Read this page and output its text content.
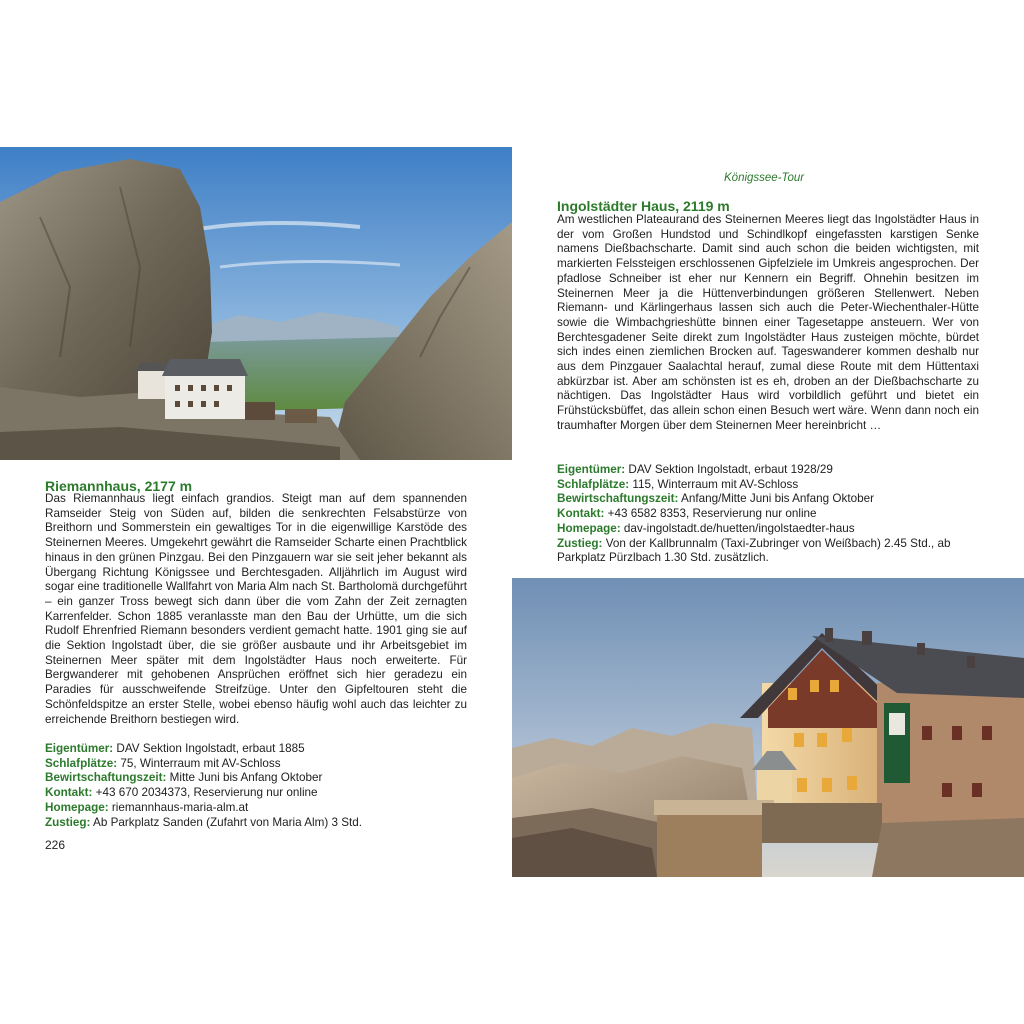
Riemannhaus, 2177 m

Das Riemannhaus liegt einfach grandios. Steigt man auf dem spannenden Ramseider Steig von Süden auf, bilden die senkrechten Felsabstürze von Breithorn und Sommerstein ein gewaltiges Tor in die eigenwillige Karstöde des Steinernen Meeres. Umgekehrt gewährt die Ramseider Scharte einen Prachtblick hinaus in den grünen Pinzgau. Bei den Pinzgauern war sie seit jeher bekannt als Übergang Richtung Königssee und Berchtesgaden. Alljährlich im August wird sogar eine traditionelle Wallfahrt von Maria Alm nach St. Bartholomä durchgeführt – ein ganzer Tross bewegt sich dann über die vom Zahn der Zeit zernagten Karrenfelder. Schon 1885 veranlasste man den Bau der Urhütte, um die sich Rudolf Ehrenfried Riemann besonders verdient gemacht hatte. 1901 ging sie auf die Sektion Ingolstadt über, die sie größer ausbaute und ihr Arbeitsgebiet im Steinernen Meer später mit dem Ingolstädter Haus noch erweiterte. Für Bergwanderer mit gehobenen Ansprüchen eröffnet sich hier geradezu ein Paradies für ausschweifende Streifzüge. Unter den Gipfeltouren steht die Schönfeldspitze an erster Stelle, wobei ebenso häufig wohl auch das leichter zu erreichende Breithorn bestiegen wird.

Eigentümer: DAV Sektion Ingolstadt, erbaut 1885
Schlafplätze: 75, Winterraum mit AV-Schloss
Bewirtschaftungszeit: Mitte Juni bis Anfang Oktober
Kontakt: +43 670 2034373, Reservierung nur online
Homepage: riemannhaus-maria-alm.at
Zustieg: Ab Parkplatz Sanden (Zufahrt von Maria Alm) 3 Std.
226
Königssee-Tour
Ingolstädter Haus, 2119 m

Am westlichen Plateaurand des Steinernen Meeres liegt das Ingolstädter Haus in der vom Großen Hundstod und Schindlkopf eingefassten karstigen Senke namens Dießbachscharte. Damit sind auch schon die beiden wichtigsten, mit markierten Felssteigen erschlossenen Gipfelziele im Umkreis angesprochen. Der pfadlose Schneiber ist eher nur Kennern ein Begriff. Ohnehin besitzen im Steinernen Meer ja die Hüttenverbindungen größeren Stellenwert. Neben Riemann- und Kärlingerhaus lassen sich auch die Peter-Wiechenthaler-Hütte sowie die Wimbachgrieshütte binnen einer Tagesetappe ansteuern. Wer von Berchtesgadener Seite direkt zum Ingolstädter Haus zusteigen möchte, bürdet sich indes einen ziemlichen Brocken auf. Tageswanderer kommen deshalb nur aus dem Pinzgauer Saalachtal herauf, zumal diese Route mit dem Hüttentaxi abkürzbar ist. Aber am schönsten ist es eh, droben an der Dießbachscharte zu nächtigen. Das Ingolstädter Haus wird vorbildlich geführt und bietet ein Frühstücksbüffet, das allein schon einen Besuch wert wäre. Wenn dann noch ein traumhafter Morgen über dem Steinernen Meer hereinbricht …

Eigentümer: DAV Sektion Ingolstadt, erbaut 1928/29
Schlafplätze: 115, Winterraum mit AV-Schloss
Bewirtschaftungszeit: Anfang/Mitte Juni bis Anfang Oktober
Kontakt: +43 6582 8353, Reservierung nur online
Homepage: dav-ingolstadt.de/huetten/ingolstaedter-haus
Zustieg: Von der Kallbrunnalm (Taxi-Zubringer von Weißbach) 2.45 Std., ab Parkplatz Pürzlbach 1.30 Std. zusätzlich.
